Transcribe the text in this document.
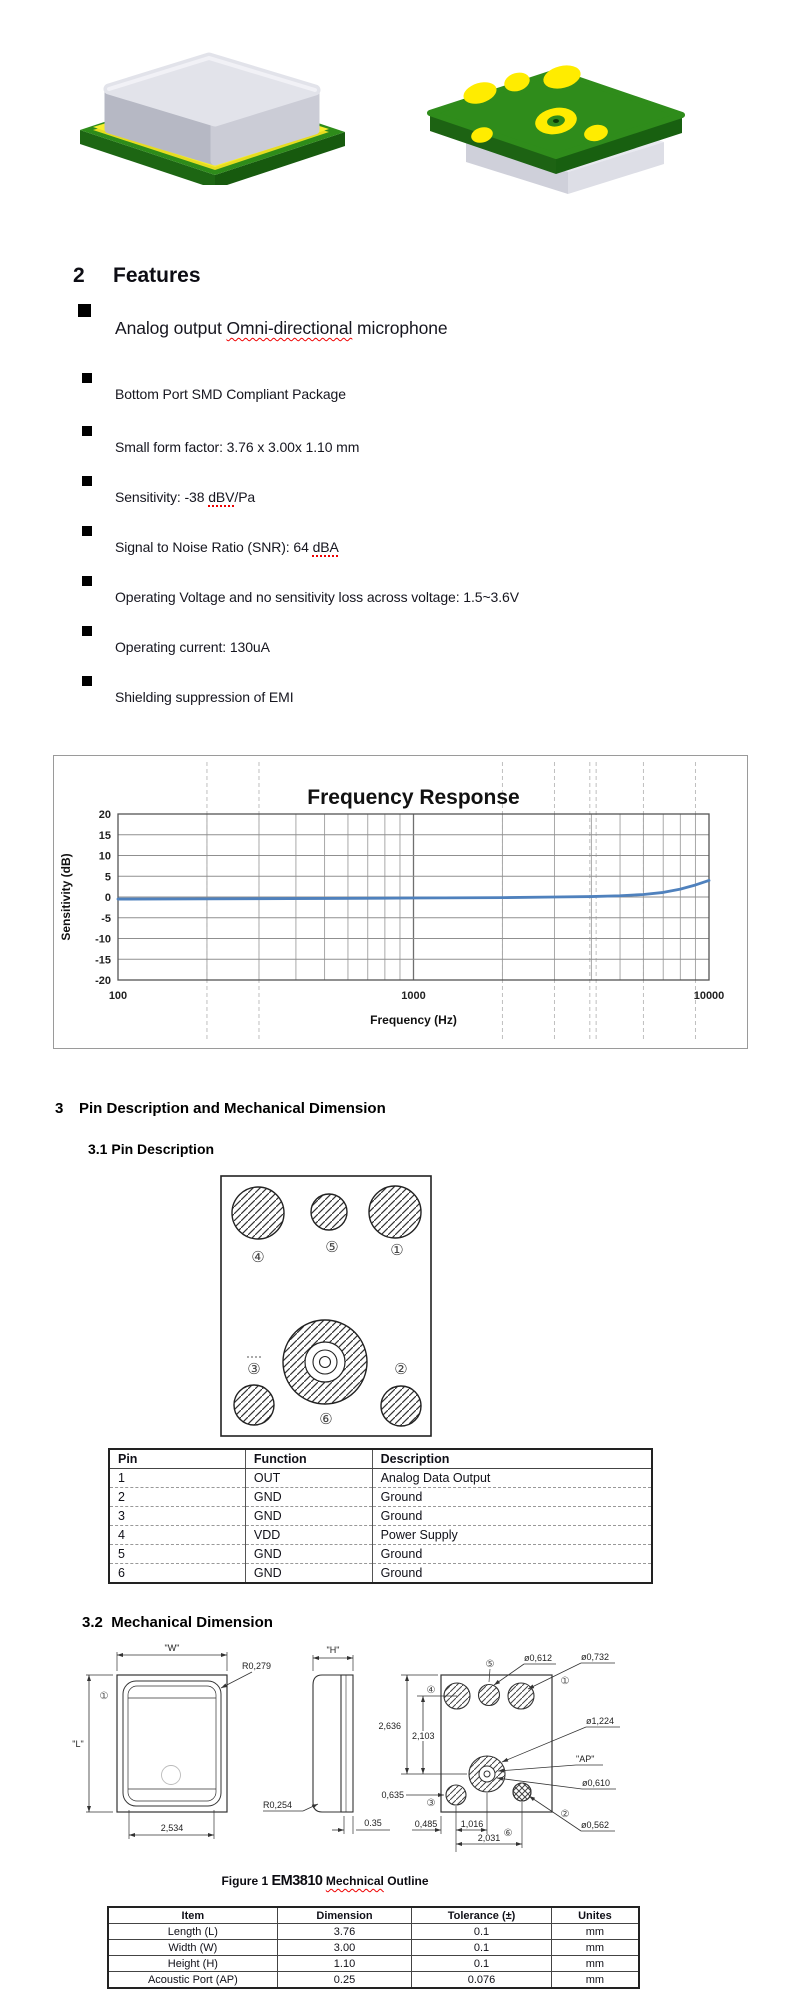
2 Features
Analog output Omni-directional microphone
Bottom Port SMD Compliant Package
Small form factor: 3.76 x 3.00x 1.10 mm
Sensitivity: -38 dBV/Pa
Signal to Noise Ratio (SNR): 64 dBA
Operating Voltage and no sensitivity loss across voltage: 1.5~3.6V
Operating current: 130uA
Shielding suppression of EMI
20
15
10
5
0
-5
-10
-15
-20
100	1000	10000
Frequency Response
Frequency (Hz)
Sensitivity (dB)
3 Pin Description and Mechanical Dimension
3.1 Pin Description
④
⑤	①
③	②
⑥
Pin	Function	Description
1	OUT	Analog Data Output
2	GND	Ground
3	GND	Ground
4	VDD	Power Supply
5	GND	Ground
6	GND	Ground
3.2 Mechanical Dimension
"W"
"L"
R0,279
①
2,534
"H"
R0,254
0.35
2,636
2,103
0,635
0,485	1,016
2,031
ø0,612	ø0,732
ø1,224
"AP"
ø0,610
ø0,562
④
⑤
①
③
⑥
②
Figure 1 EM3810 Mechnical Outline
Item	Dimension	Tolerance (±)	Unites
Length (L)	3.76	0.1	mm
Width (W)	3.00	0.1	mm
Height (H)	1.10	0.1	mm
Acoustic Port (AP)	0.25	0.076	mm
